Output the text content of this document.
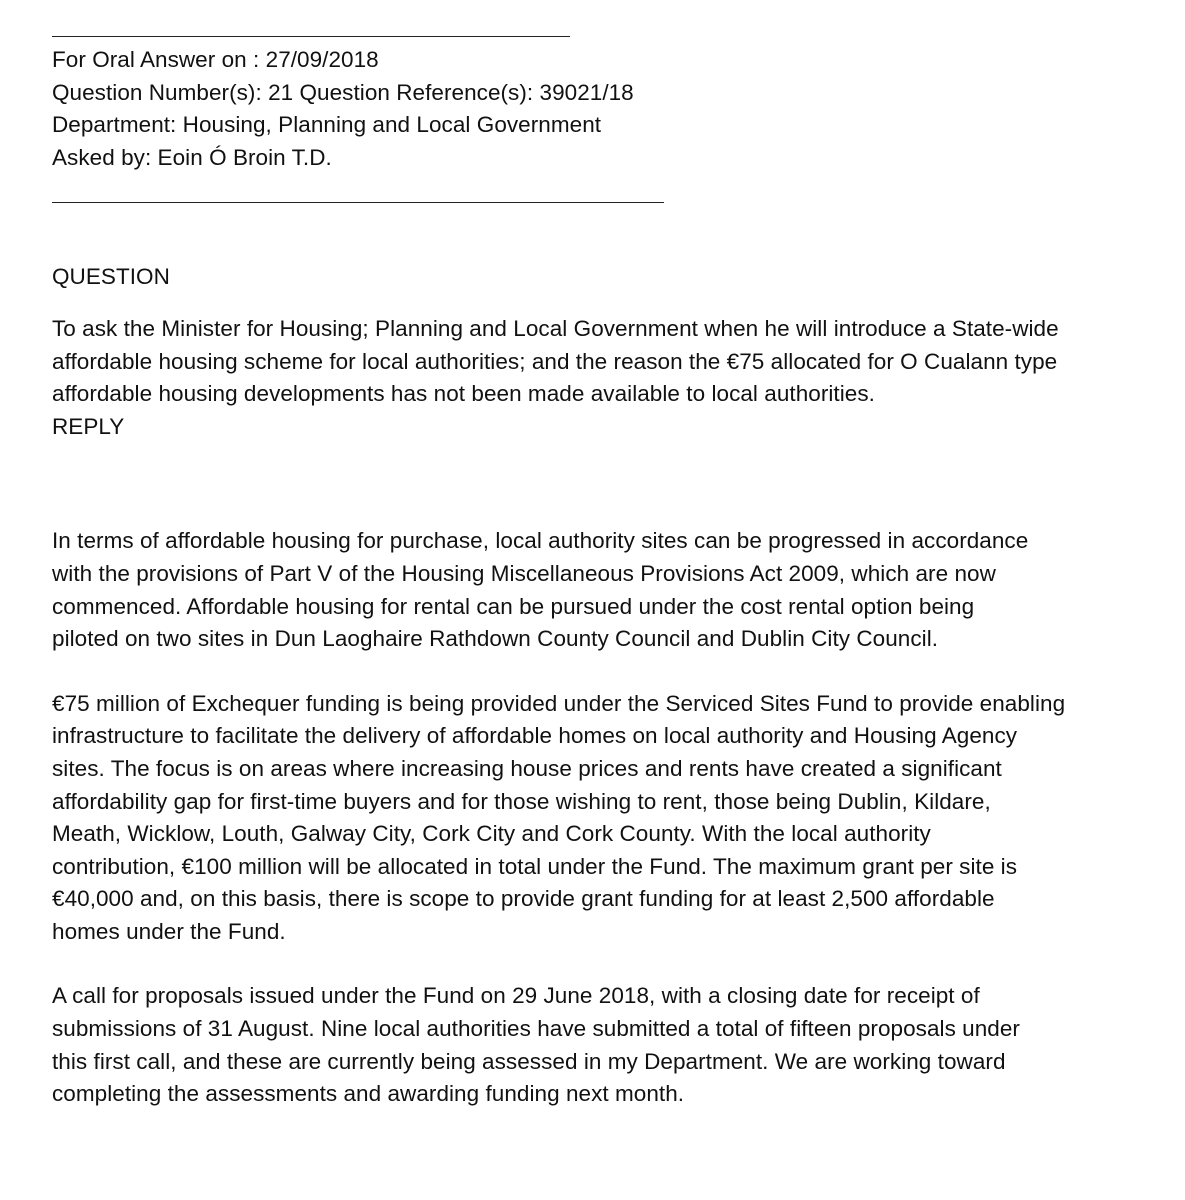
For Oral Answer on : 27/09/2018
Question Number(s): 21 Question Reference(s): 39021/18
Department: Housing, Planning and Local Government
Asked by: Eoin Ó Broin T.D.
QUESTION
To ask the Minister for Housing; Planning and Local Government when he will introduce a State-wide
affordable housing scheme for local authorities; and the reason the €75 allocated for O Cualann type
affordable housing developments has not been made available to local authorities.
REPLY
In terms of affordable housing for purchase, local authority sites can be progressed in accordance
with the provisions of Part V of the Housing Miscellaneous Provisions Act 2009, which are now
commenced. Affordable housing for rental can be pursued under the cost rental option being
piloted on two sites in Dun Laoghaire Rathdown County Council and Dublin City Council.
€75 million of Exchequer funding is being provided under the Serviced Sites Fund to provide enabling
infrastructure to facilitate the delivery of affordable homes on local authority and Housing Agency
sites. The focus is on areas where increasing house prices and rents have created a significant
affordability gap for first-time buyers and for those wishing to rent, those being Dublin, Kildare,
Meath, Wicklow, Louth, Galway City, Cork City and Cork County. With the local authority
contribution, €100 million will be allocated in total under the Fund. The maximum grant per site is
€40,000 and, on this basis, there is scope to provide grant funding for at least 2,500 affordable
homes under the Fund.
A call for proposals issued under the Fund on 29 June 2018, with a closing date for receipt of
submissions of 31 August. Nine local authorities have submitted a total of fifteen proposals under
this first call, and these are currently being assessed in my Department. We are working toward
completing the assessments and awarding funding next month.
